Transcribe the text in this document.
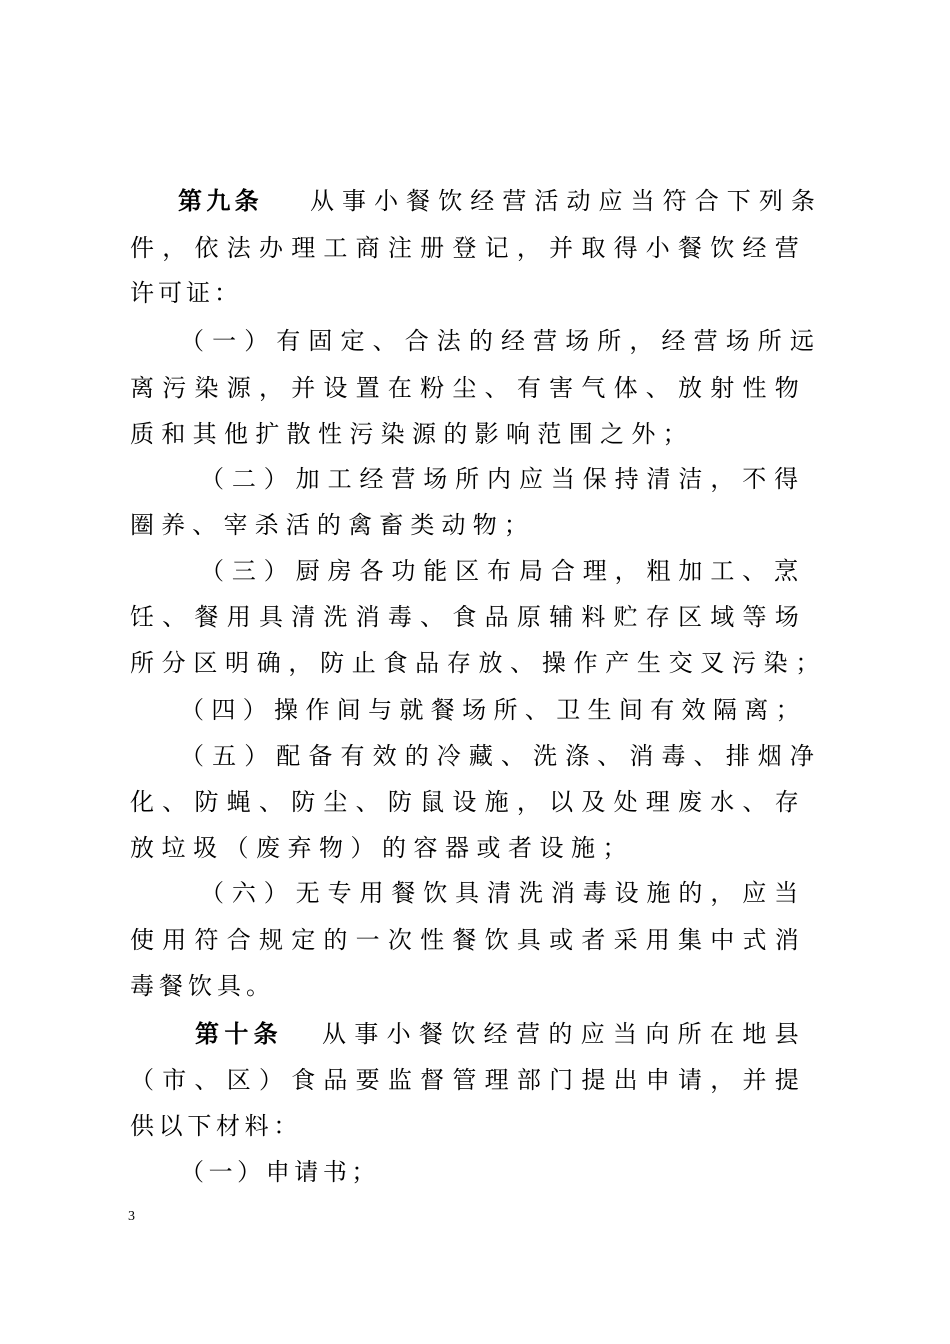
第九条 从事小餐饮经营活动应当符合下列条
件，依法办理工商注册登记，并取得小餐饮经营
许可证：
（一）有固定、合法的经营场所，经营场所远
离污染源，并设置在粉尘、有害气体、放射性物
质和其他扩散性污染源的影响范围之外；
（二）加工经营场所内应当保持清洁，不得
圈养、宰杀活的禽畜类动物；
（三）厨房各功能区布局合理，粗加工、烹
饪、餐用具清洗消毒、食品原辅料贮存区域等场
所分区明确，防止食品存放、操作产生交叉污染；
（四）操作间与就餐场所、卫生间有效隔离；
（五）配备有效的冷藏、洗涤、消毒、排烟净
化、防蝇、防尘、防鼠设施，以及处理废水、存
放垃圾（废弃物）的容器或者设施；
（六）无专用餐饮具清洗消毒设施的，应当
使用符合规定的一次性餐饮具或者采用集中式消
毒餐饮具。
第十条 从事小餐饮经营的应当向所在地县
（市、区）食品要监督管理部门提出申请，并提
供以下材料：
（一）申请书；
3
